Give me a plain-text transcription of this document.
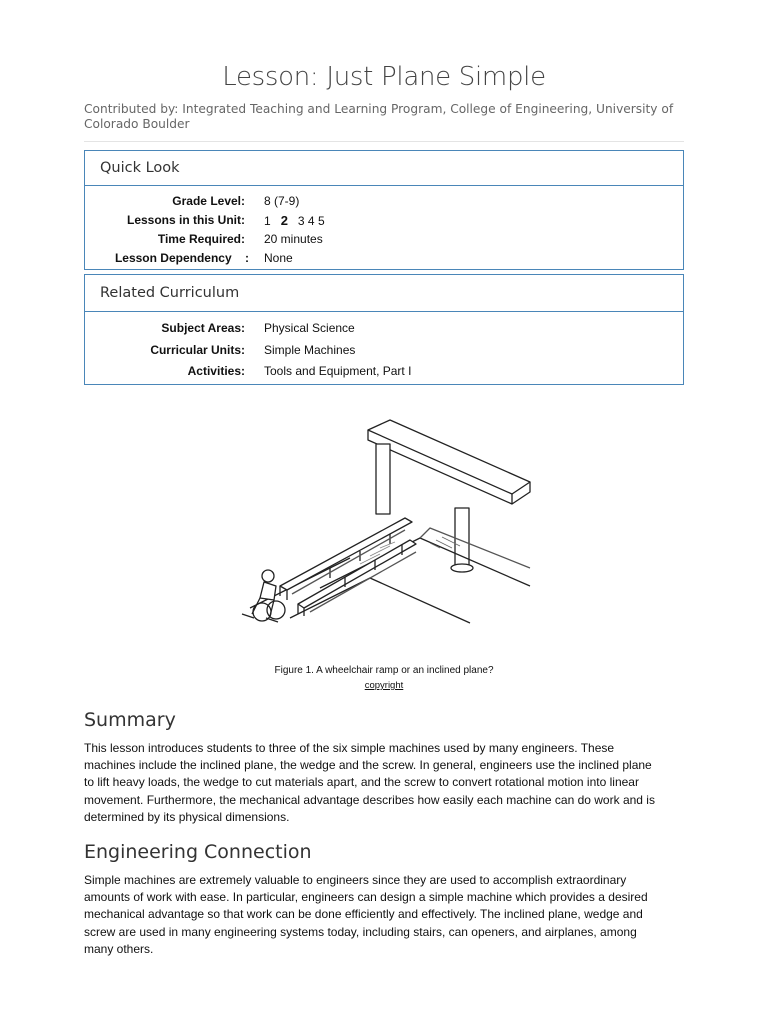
Lesson: Just Plane Simple
Contributed by: Integrated Teaching and Learning Program, College of Engineering, University of Colorado Boulder
Quick Look
Grade Level: 8 (7-9)
Lessons in this Unit: 1 2 3 4 5
Time Required: 20 minutes
Lesson Dependency : None
Related Curriculum
Subject Areas: Physical Science
Curricular Units: Simple Machines
Activities: Tools and Equipment, Part I
Figure 1. A wheelchair ramp or an inclined plane?
copyright
Summary

This lesson introduces students to three of the six simple machines used by many engineers. These machines include the inclined plane, the wedge and the screw. In general, engineers use the inclined plane to lift heavy loads, the wedge to cut materials apart, and the screw to convert rotational motion into linear movement. Furthermore, the mechanical advantage describes how easily each machine can do work and is determined by its physical dimensions.

Engineering Connection

Simple machines are extremely valuable to engineers since they are used to accomplish extraordinary amounts of work with ease. In particular, engineers can design a simple machine which provides a desired mechanical advantage so that work can be done efficiently and effectively. The inclined plane, wedge and screw are used in many engineering systems today, including stairs, can openers, and airplanes, among many others.
